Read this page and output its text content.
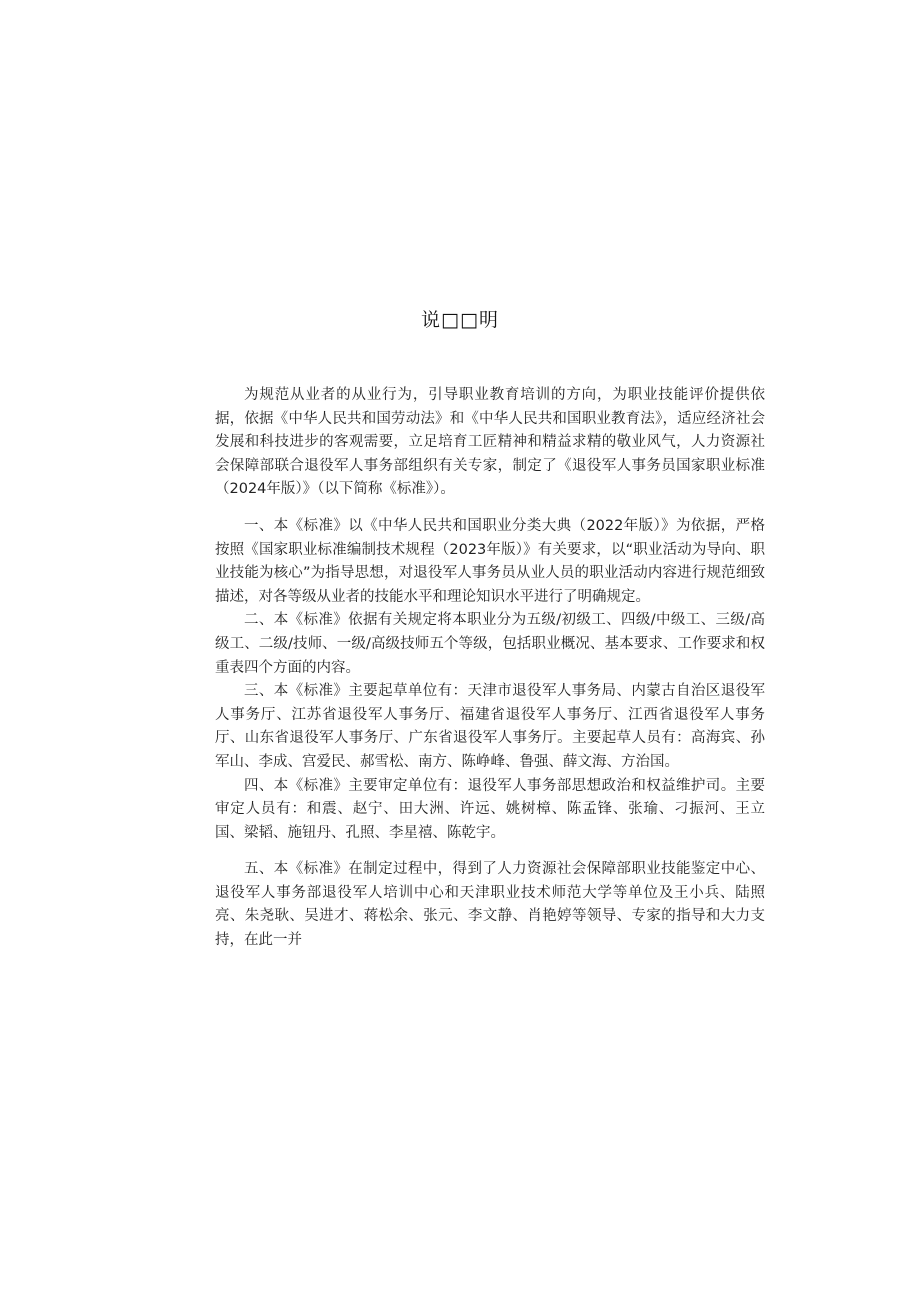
说□□明

为规范从业者的从业行为，引导职业教育培训的方向，为职业技能评价提供依据，依据《中华人民共和国劳动法》和《中华人民共和国职业教育法》，适应经济社会发展和科技进步的客观需要，立足培育工匠精神和精益求精的敬业风气，人力资源社会保障部联合退役军人事务部组织有关专家，制定了《退役军人事务员国家职业标准（2024年版）》（以下简称《标准》）。

一、本《标准》以《中华人民共和国职业分类大典（2022年版）》为依据，严格按照《国家职业标准编制技术规程（2023年版）》有关要求，以“职业活动为导向、职业技能为核心”为指导思想，对退役军人事务员从业人员的职业活动内容进行规范细致描述，对各等级从业者的技能水平和理论知识水平进行了明确规定。

二、本《标准》依据有关规定将本职业分为五级/初级工、四级/中级工、三级/高级工、二级/技师、一级/高级技师五个等级，包括职业概况、基本要求、工作要求和权重表四个方面的内容。

三、本《标准》主要起草单位有：天津市退役军人事务局、内蒙古自治区退役军人事务厅、江苏省退役军人事务厅、福建省退役军人事务厅、江西省退役军人事务厅、山东省退役军人事务厅、广东省退役军人事务厅。主要起草人员有：高海宾、孙军山、李成、宫爱民、郝雪松、南方、陈峥峰、鲁强、薛文海、方治国。

四、本《标准》主要审定单位有：退役军人事务部思想政治和权益维护司。主要审定人员有：和震、赵宁、田大洲、许远、姚树樟、陈孟锋、张瑜、刁振河、王立国、梁韬、施钮丹、孔照、李星禧、陈乾宇。

五、本《标准》在制定过程中，得到了人力资源社会保障部职业技能鉴定中心、退役军人事务部退役军人培训中心和天津职业技术师范大学等单位及王小兵、陆照亮、朱尧耿、吴进才、蒋松余、张元、李文静、肖艳婷等领导、专家的指导和大力支持，在此一并
